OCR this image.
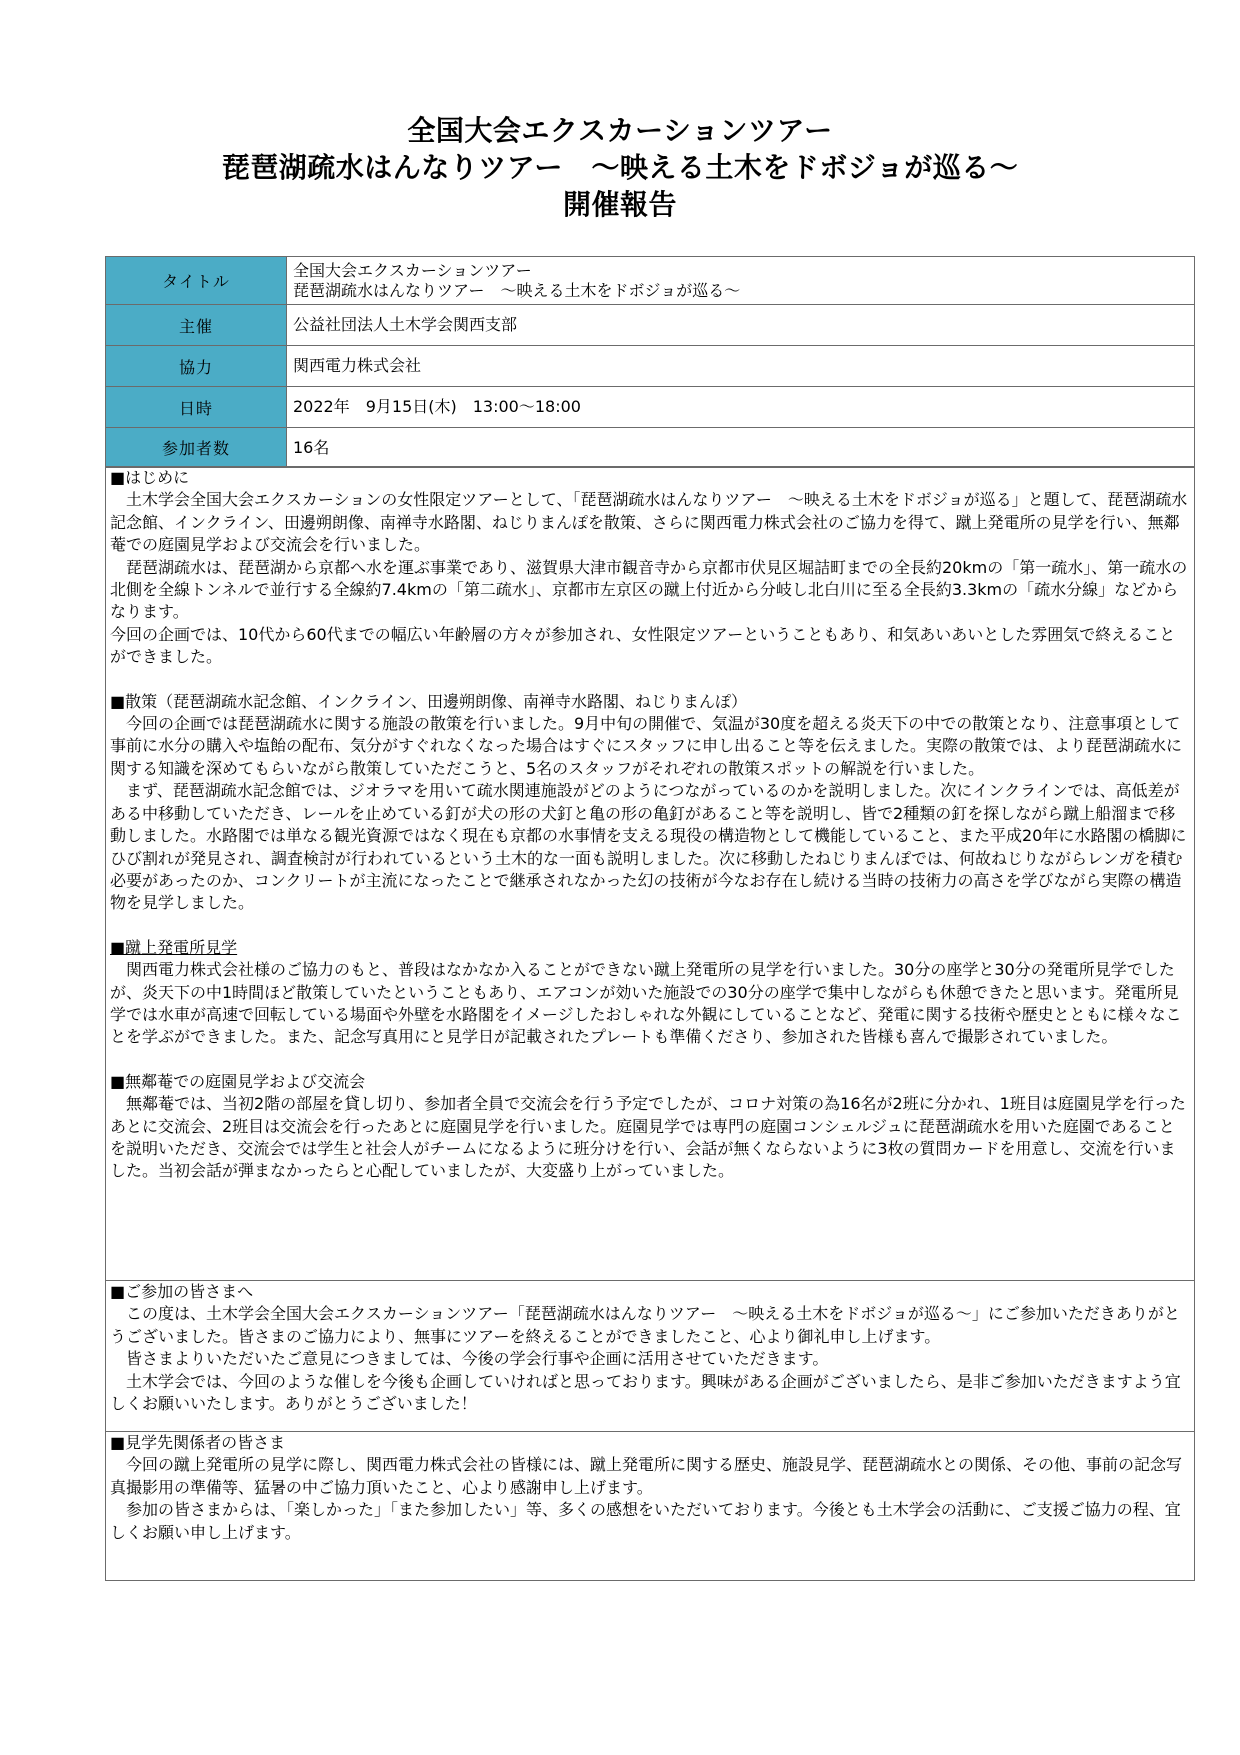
全国大会エクスカーションツアー
琵琶湖疏水はんなりツアー　～映える土木をドボジョが巡る～
開催報告
タイトル	全国大会エクスカーションツアー
琵琶湖疏水はんなりツアー　～映える土木をドボジョが巡る～

主催	公益社団法人土木学会関西支部
協力	関西電力株式会社
日時	2022年　9月15日(木)　13:00～18:00
参加者数	16名

■はじめに

　土木学会全国大会エクスカーションの女性限定ツアーとして、「琵琶湖疏水はんなりツアー　～映える土木をドボジョが巡る」と題して、琵琶湖疏水記念館、インクライン、田邊朔朗像、南禅寺水路閣、ねじりまんぽを散策、さらに関西電力株式会社のご協力を得て、蹴上発電所の見学を行い、無鄰菴での庭園見学および交流会を行いました。

　琵琶湖疏水は、琵琶湖から京都へ水を運ぶ事業であり、滋賀県大津市観音寺から京都市伏見区堀詰町までの全長約20kmの「第一疏水」、第一疏水の北側を全線トンネルで並行する全線約7.4kmの「第二疏水」、京都市左京区の蹴上付近から分岐し北白川に至る全長約3.3kmの「疏水分線」などからなります。

今回の企画では、10代から60代までの幅広い年齢層の方々が参加され、女性限定ツアーということもあり、和気あいあいとした雰囲気で終えることができました。

■散策（琵琶湖疏水記念館、インクライン、田邊朔朗像、南禅寺水路閣、ねじりまんぽ）

　今回の企画では琵琶湖疏水に関する施設の散策を行いました。9月中旬の開催で、気温が30度を超える炎天下の中での散策となり、注意事項として事前に水分の購入や塩飴の配布、気分がすぐれなくなった場合はすぐにスタッフに申し出ること等を伝えました。実際の散策では、より琵琶湖疏水に関する知識を深めてもらいながら散策していただこうと、5名のスタッフがそれぞれの散策スポットの解説を行いました。

　まず、琵琶湖疏水記念館では、ジオラマを用いて疏水関連施設がどのようにつながっているのかを説明しました。次にインクラインでは、高低差がある中移動していただき、レールを止めている釘が犬の形の犬釘と亀の形の亀釘があること等を説明し、皆で2種類の釘を探しながら蹴上船溜まで移動しました。水路閣では単なる観光資源ではなく現在も京都の水事情を支える現役の構造物として機能していること、また平成20年に水路閣の橋脚にひび割れが発見され、調査検討が行われているという土木的な一面も説明しました。次に移動したねじりまんぽでは、何故ねじりながらレンガを積む必要があったのか、コンクリートが主流になったことで継承されなかった幻の技術が今なお存在し続ける当時の技術力の高さを学びながら実際の構造物を見学しました。

■蹴上発電所見学

　関西電力株式会社様のご協力のもと、普段はなかなか入ることができない蹴上発電所の見学を行いました。30分の座学と30分の発電所見学でしたが、炎天下の中1時間ほど散策していたということもあり、エアコンが効いた施設での30分の座学で集中しながらも休憩できたと思います。発電所見学では水車が高速で回転している場面や外壁を水路閣をイメージしたおしゃれな外観にしていることなど、発電に関する技術や歴史とともに様々なことを学ぶができました。また、記念写真用にと見学日が記載されたプレートも準備くださり、参加された皆様も喜んで撮影されていました。

■無鄰菴での庭園見学および交流会

　無鄰菴では、当初2階の部屋を貸し切り、参加者全員で交流会を行う予定でしたが、コロナ対策の為16名が2班に分かれ、1班目は庭園見学を行ったあとに交流会、2班目は交流会を行ったあとに庭園見学を行いました。庭園見学では専門の庭園コンシェルジュに琵琶湖疏水を用いた庭園であることを説明いただき、交流会では学生と社会人がチームになるように班分けを行い、会話が無くならないように3枚の質問カードを用意し、交流を行いました。当初会話が弾まなかったらと心配していましたが、大変盛り上がっていました。

■ご参加の皆さまへ

　この度は、土木学会全国大会エクスカーションツアー「琵琶湖疏水はんなりツアー　～映える土木をドボジョが巡る～」にご参加いただきありがとうございました。皆さまのご協力により、無事にツアーを終えることができましたこと、心より御礼申し上げます。

　皆さまよりいただいたご意見につきましては、今後の学会行事や企画に活用させていただきます。

　土木学会では、今回のような催しを今後も企画していければと思っております。興味がある企画がございましたら、是非ご参加いただきますよう宜しくお願いいたします。ありがとうございました！

■見学先関係者の皆さま

　今回の蹴上発電所の見学に際し、関西電力株式会社の皆様には、蹴上発電所に関する歴史、施設見学、琵琶湖疏水との関係、その他、事前の記念写真撮影用の準備等、猛暑の中ご協力頂いたこと、心より感謝申し上げます。

　参加の皆さまからは、「楽しかった」「また参加したい」等、多くの感想をいただいております。今後とも土木学会の活動に、ご支援ご協力の程、宜しくお願い申し上げます。
